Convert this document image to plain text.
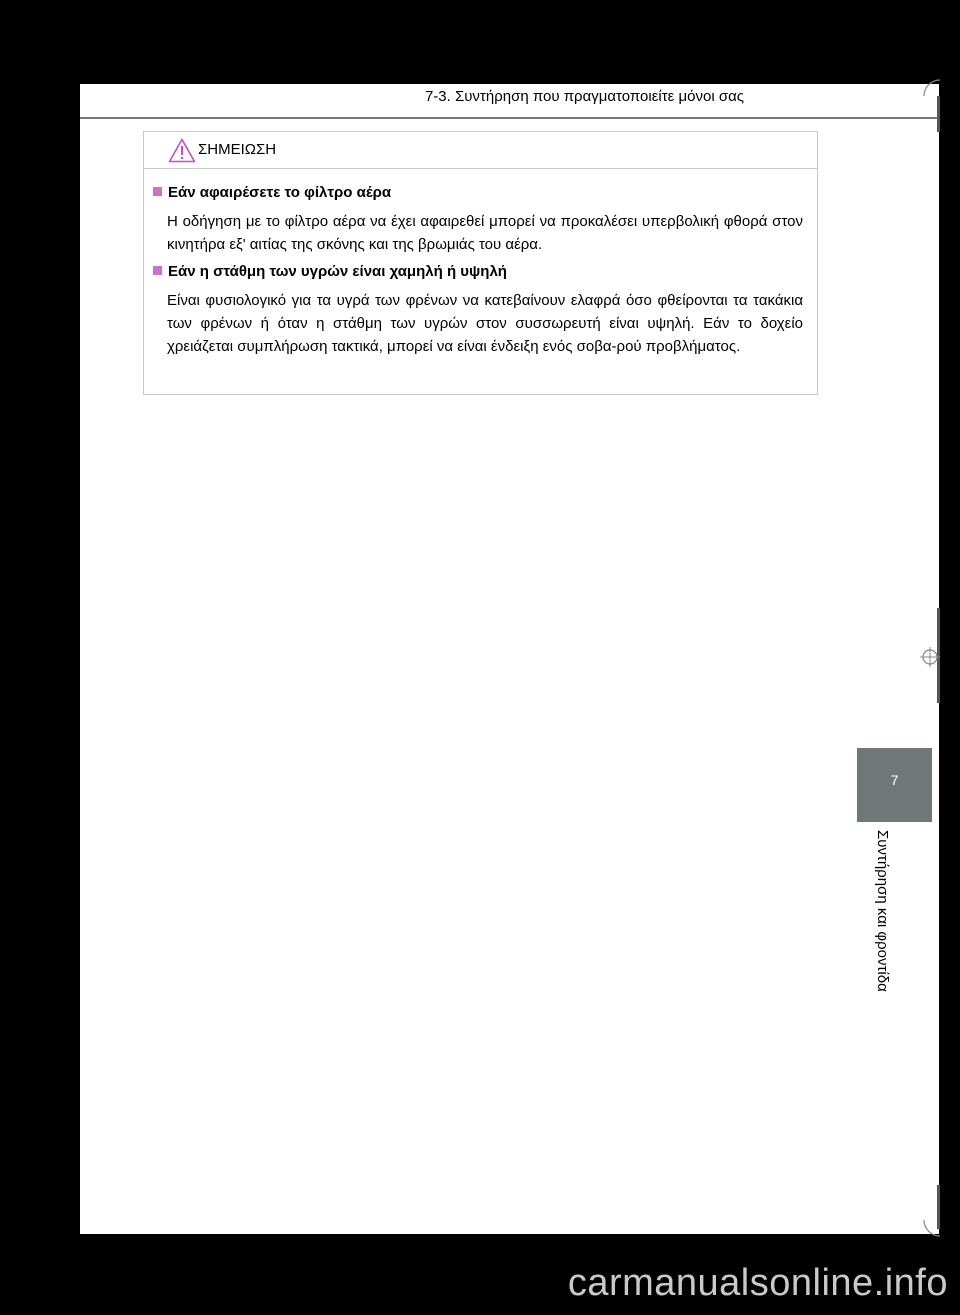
7-3. Συντήρηση που πραγματοποιείτε μόνοι σας
ΣΗΜΕΙΩΣΗ
Εάν αφαιρέσετε το φίλτρο αέρα
Η οδήγηση με το φίλτρο αέρα να έχει αφαιρεθεί μπορεί να προκαλέσει υπερβολική φθορά στον κινητήρα εξ' αιτίας της σκόνης και της βρωμιάς του αέρα.
Εάν η στάθμη των υγρών είναι χαμηλή ή υψηλή
Είναι φυσιολογικό για τα υγρά των φρένων να κατεβαίνουν ελαφρά όσο φθείρονται τα τακάκια των φρένων ή όταν η στάθμη των υγρών στον συσσωρευτή είναι υψηλή. Εάν το δοχείο χρειάζεται συμπλήρωση τακτικά, μπορεί να είναι ένδειξη ενός σοβα-ρού προβλήματος.
7
Συντήρηση και φροντίδα
carmanualsonline.info
